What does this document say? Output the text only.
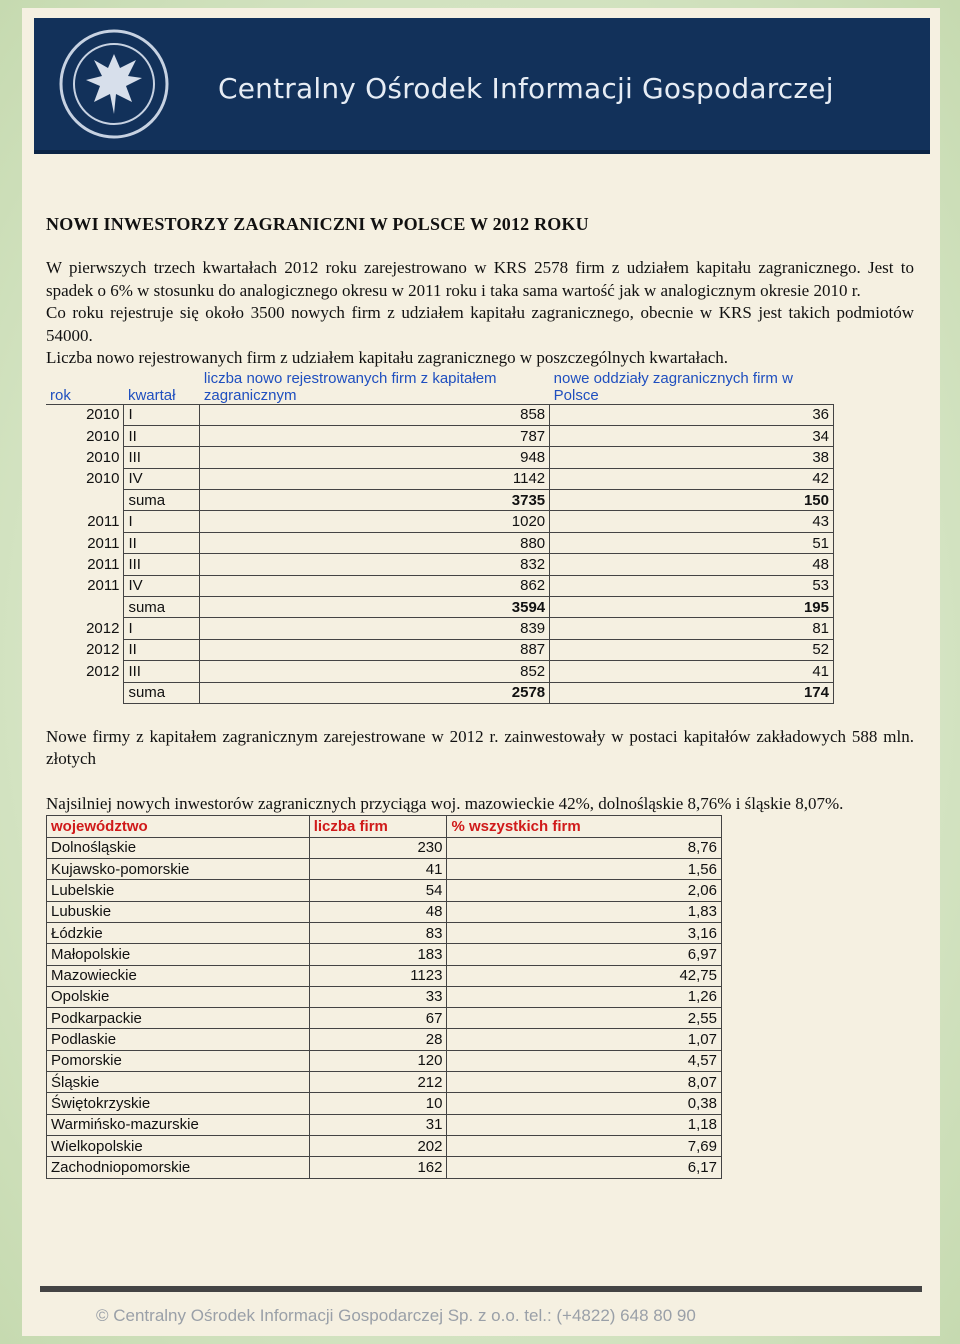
Centralny Ośrodek Informacji Gospodarczej
NOWI INWESTORZY ZAGRANICZNI W POLSCE W 2012 ROKU

W pierwszych trzech kwartałach 2012 roku zarejestrowano w KRS 2578 firm z udziałem kapitału zagranicznego. Jest to spadek o 6% w stosunku do analogicznego okresu w 2011 roku i taka sama wartość jak w analogicznym okresie 2010 r.

Co roku rejestruje się około 3500 nowych firm z udziałem kapitału zagranicznego, obecnie w KRS jest takich podmiotów 54000.

Liczba nowo rejestrowanych firm z udziałem kapitału zagranicznego w poszczególnych kwartałach.

rok	kwartał	liczba nowo rejestrowanych firm z kapitałem zagranicznym	nowe oddziały zagranicznych firm w Polsce
2010	I	858	36
2010	II	787	34
2010	III	948	38
2010	IV	1142	42
	suma	3735	150
2011	I	1020	43
2011	II	880	51
2011	III	832	48
2011	IV	862	53
	suma	3594	195
2012	I	839	81
2012	II	887	52
2012	III	852	41
	suma	2578	174

Nowe firmy z kapitałem zagranicznym zarejestrowane w 2012 r. zainwestowały w postaci kapitałów zakładowych 588 mln. złotych

Najsilniej nowych inwestorów zagranicznych przyciąga woj. mazowieckie 42%, dolnośląskie 8,76% i śląskie 8,07%.

województwo	liczba firm	% wszystkich firm
Dolnośląskie	230	8,76
Kujawsko-pomorskie	41	1,56
Lubelskie	54	2,06
Lubuskie	48	1,83
Łódzkie	83	3,16
Małopolskie	183	6,97
Mazowieckie	1123	42,75
Opolskie	33	1,26
Podkarpackie	67	2,55
Podlaskie	28	1,07
Pomorskie	120	4,57
Śląskie	212	8,07
Świętokrzyskie	10	0,38
Warmińsko-mazurskie	31	1,18
Wielkopolskie	202	7,69
Zachodniopomorskie	162	6,17
© Centralny Ośrodek Informacji Gospodarczej Sp. z o.o. tel.: (+4822) 648 80 90
